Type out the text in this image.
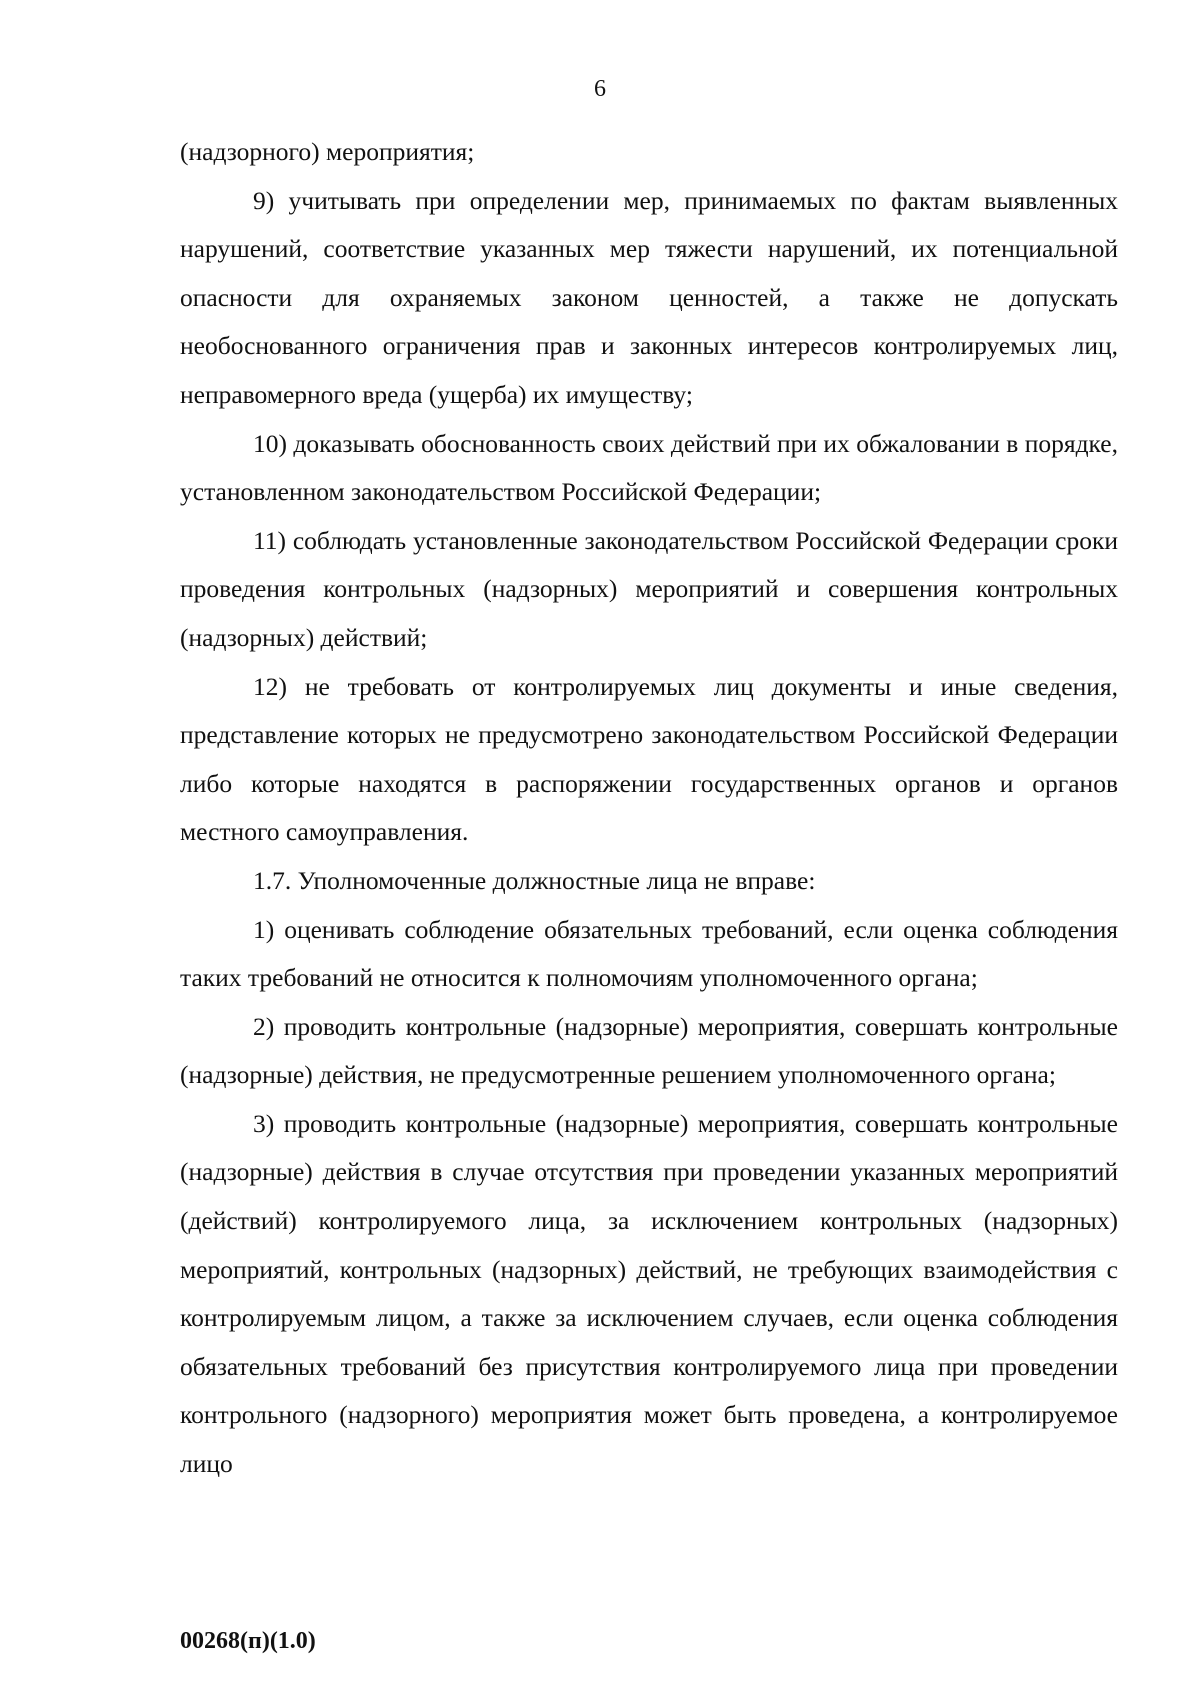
6

(надзорного) мероприятия;

9) учитывать при определении мер, принимаемых по фактам выявленных нарушений, соответствие указанных мер тяжести нарушений, их потенциальной опасности для охраняемых законом ценностей, а также не допускать необоснованного ограничения прав и законных интересов контролируемых лиц, неправомерного вреда (ущерба) их имуществу;

10) доказывать обоснованность своих действий при их обжаловании в порядке, установленном законодательством Российской Федерации;

11) соблюдать установленные законодательством Российской Федерации сроки проведения контрольных (надзорных) мероприятий и совершения контрольных (надзорных) действий;

12) не требовать от контролируемых лиц документы и иные сведения, представление которых не предусмотрено законодательством Российской Федерации либо которые находятся в распоряжении государственных органов и органов местного самоуправления.

1.7. Уполномоченные должностные лица не вправе:

1) оценивать соблюдение обязательных требований, если оценка соблюдения таких требований не относится к полномочиям уполномоченного органа;

2) проводить контрольные (надзорные) мероприятия, совершать контрольные (надзорные) действия, не предусмотренные решением уполномоченного органа;

3) проводить контрольные (надзорные) мероприятия, совершать контрольные (надзорные) действия в случае отсутствия при проведении указанных мероприятий (действий) контролируемого лица, за исключением контрольных (надзорных) мероприятий, контрольных (надзорных) действий, не требующих взаимодействия с контролируемым лицом, а также за исключением случаев, если оценка соблюдения обязательных требований без присутствия контролируемого лица при проведении контрольного (надзорного) мероприятия может быть проведена, а контролируемое лицо

00268(п)(1.0)
